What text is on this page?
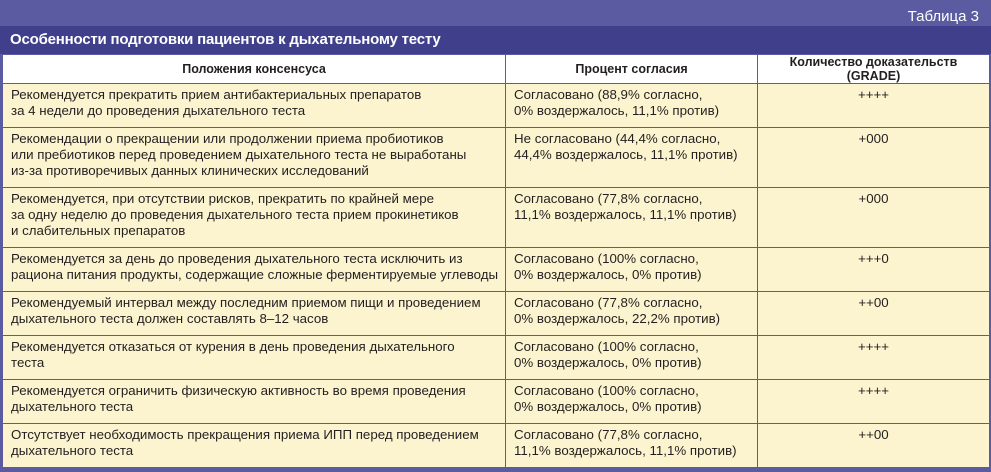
Таблица 3
Особенности подготовки пациентов к дыхательному тесту
Положения консенсуса	Процент согласия	Количество доказательств (GRADE)
Рекомендуется прекратить прием антибактериальных препаратов
за 4 недели до проведения дыхательного теста	Согласовано (88,9% согласно,
0% воздержалось, 11,1% против)	++++
Рекомендации о прекращении или продолжении приема пробиотиков
или пребиотиков перед проведением дыхательного теста не выработаны
из-за противоречивых данных клинических исследований	Не согласовано (44,4% согласно,
44,4% воздержалось, 11,1% против)	+000
Рекомендуется, при отсутствии рисков, прекратить по крайней мере
за одну неделю до проведения дыхательного теста прием прокинетиков
и слабительных препаратов	Согласовано (77,8% согласно,
11,1% воздержалось, 11,1% против)	+000
Рекомендуется за день до проведения дыхательного теста исключить из
рациона питания продукты, содержащие сложные ферментируемые углеводы	Согласовано (100% согласно,
0% воздержалось, 0% против)	+++0
Рекомендуемый интервал между последним приемом пищи и проведением
дыхательного теста должен составлять 8–12 часов	Согласовано (77,8% согласно,
0% воздержалось, 22,2% против)	++00
Рекомендуется отказаться от курения в день проведения дыхательного
теста	Согласовано (100% согласно,
0% воздержалось, 0% против)	++++
Рекомендуется ограничить физическую активность во время проведения
дыхательного теста	Согласовано (100% согласно,
0% воздержалось, 0% против)	++++
Отсутствует необходимость прекращения приема ИПП перед проведением
дыхательного теста	Согласовано (77,8% согласно,
11,1% воздержалось, 11,1% против)	++00
